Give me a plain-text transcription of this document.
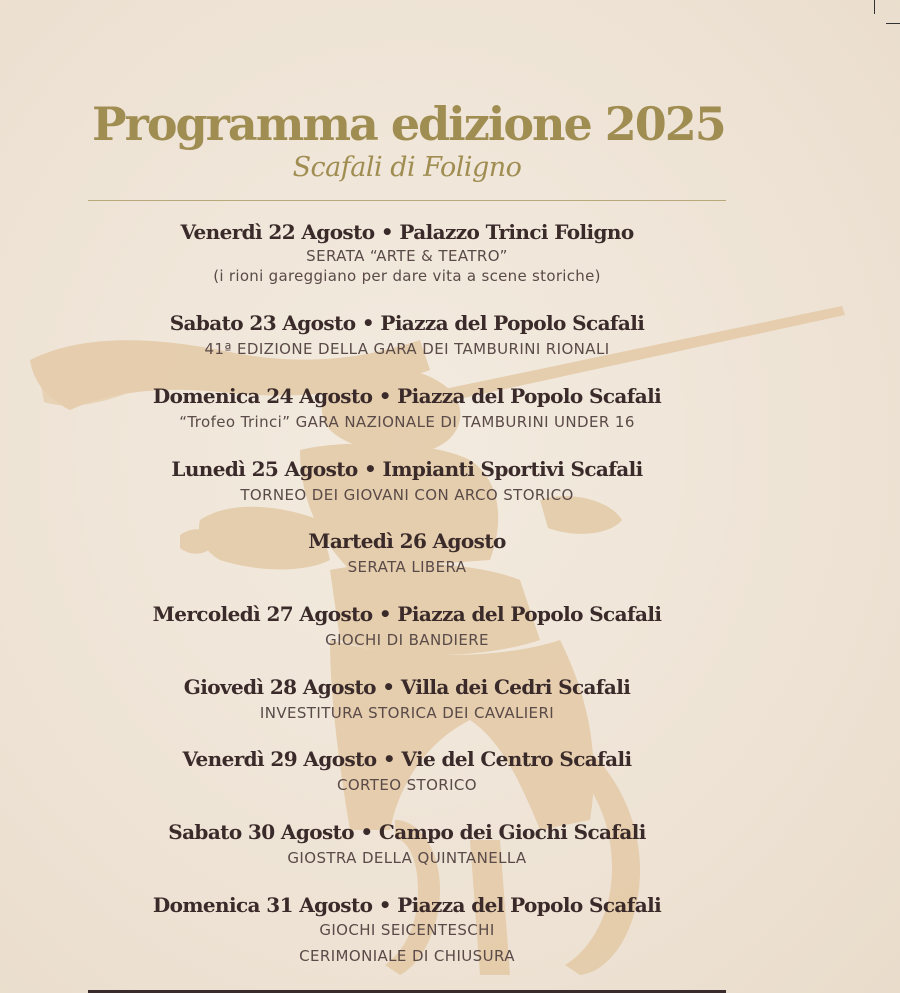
Programma edizione 2025
Scafali di Foligno
Venerdì 22 Agosto • Palazzo Trinci Foligno
SERATA “ARTE & TEATRO”
(i rioni gareggiano per dare vita a scene storiche)
Sabato 23 Agosto • Piazza del Popolo Scafali
41ª EDIZIONE DELLA GARA DEI TAMBURINI RIONALI
Domenica 24 Agosto • Piazza del Popolo Scafali
“Trofeo Trinci” GARA NAZIONALE DI TAMBURINI UNDER 16
Lunedì 25 Agosto • Impianti Sportivi Scafali
TORNEO DEI GIOVANI CON ARCO STORICO
Martedì 26 Agosto
SERATA LIBERA
Mercoledì 27 Agosto • Piazza del Popolo Scafali
GIOCHI DI BANDIERE
Giovedì 28 Agosto • Villa dei Cedri Scafali
INVESTITURA STORICA DEI CAVALIERI
Venerdì 29 Agosto • Vie del Centro Scafali
CORTEO STORICO
Sabato 30 Agosto • Campo dei Giochi Scafali
GIOSTRA DELLA QUINTANELLA
Domenica 31 Agosto • Piazza del Popolo Scafali
GIOCHI SEICENTESCHI
CERIMONIALE DI CHIUSURA
